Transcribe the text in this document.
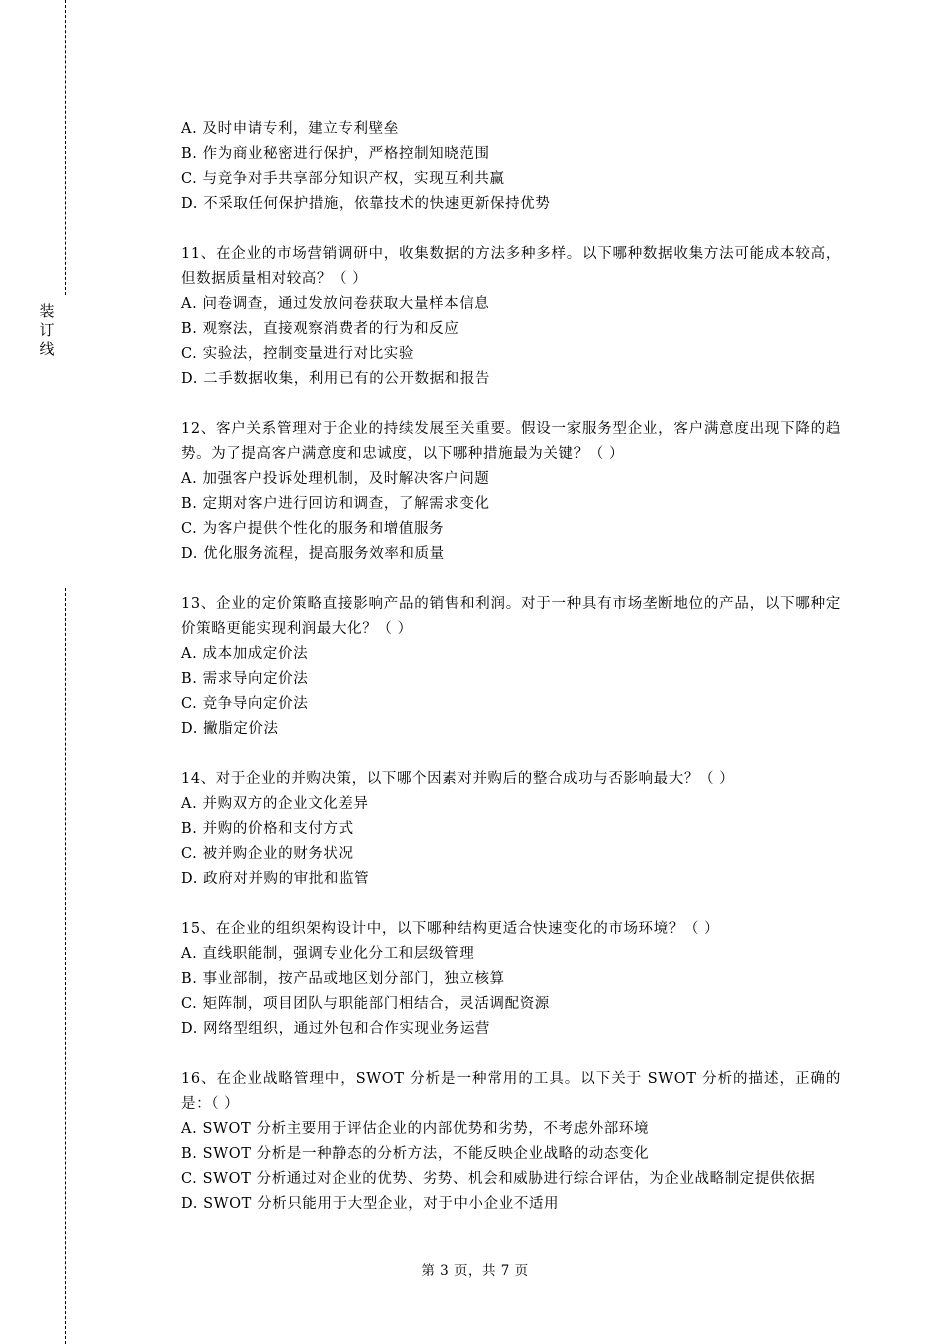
装
订
线
A. 及时申请专利，建立专利壁垒
B. 作为商业秘密进行保护，严格控制知晓范围
C. 与竞争对手共享部分知识产权，实现互利共赢
D. 不采取任何保护措施，依靠技术的快速更新保持优势
11、在企业的市场营销调研中，收集数据的方法多种多样。以下哪种数据收集方法可能成本较高，但数据质量相对较高？（ ）
A. 问卷调查，通过发放问卷获取大量样本信息
B. 观察法，直接观察消费者的行为和反应
C. 实验法，控制变量进行对比实验
D. 二手数据收集，利用已有的公开数据和报告
12、客户关系管理对于企业的持续发展至关重要。假设一家服务型企业，客户满意度出现下降的趋势。为了提高客户满意度和忠诚度，以下哪种措施最为关键？（ ）
A. 加强客户投诉处理机制，及时解决客户问题
B. 定期对客户进行回访和调查，了解需求变化
C. 为客户提供个性化的服务和增值服务
D. 优化服务流程，提高服务效率和质量
13、企业的定价策略直接影响产品的销售和利润。对于一种具有市场垄断地位的产品，以下哪种定价策略更能实现利润最大化？（ ）
A. 成本加成定价法
B. 需求导向定价法
C. 竞争导向定价法
D. 撇脂定价法
14、对于企业的并购决策，以下哪个因素对并购后的整合成功与否影响最大？（ ）
A. 并购双方的企业文化差异
B. 并购的价格和支付方式
C. 被并购企业的财务状况
D. 政府对并购的审批和监管
15、在企业的组织架构设计中，以下哪种结构更适合快速变化的市场环境？（ ）
A. 直线职能制，强调专业化分工和层级管理
B. 事业部制，按产品或地区划分部门，独立核算
C. 矩阵制，项目团队与职能部门相结合，灵活调配资源
D. 网络型组织，通过外包和合作实现业务运营
16、在企业战略管理中，SWOT 分析是一种常用的工具。以下关于 SWOT 分析的描述，正确的是：（ ）
A. SWOT 分析主要用于评估企业的内部优势和劣势，不考虑外部环境
B. SWOT 分析是一种静态的分析方法，不能反映企业战略的动态变化
C. SWOT 分析通过对企业的优势、劣势、机会和威胁进行综合评估，为企业战略制定提供依据
D. SWOT 分析只能用于大型企业，对于中小企业不适用
第 3 页，共 7 页
